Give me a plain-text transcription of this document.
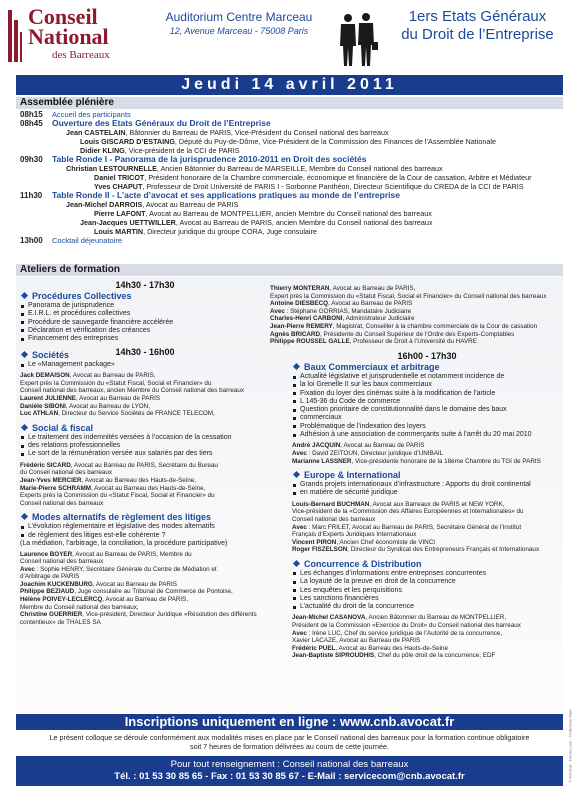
Conseil
National
des Barreaux
Auditorium Centre Marceau
12, Avenue Marceau - 75008 Paris
1ers Etats Généraux
du Droit de l’Entreprise
Jeudi 14 avril 2011
Assemblée plénière
08h15 Accueil des participants
08h45 Ouverture des Etats Généraux du Droit de l’Entreprise
Jean CASTELAIN, Bâtonnier du Barreau de PARIS, Vice-Président du Conseil national des barreaux
Louis GISCARD D’ESTAING, Député du Puy-de-Dôme, Vice-Président de la Commission des Finances de l’Assemblée Nationale
Didier KLING, Vice-président de la CCI de PARIS
09h30 Table Ronde I - Panorama de la jurisprudence 2010-2011 en Droit des sociétés
Christian LESTOURNELLE, Ancien Bâtonnier du Barreau de MARSEILLE, Membre du Conseil national des barreaux
Daniel TRICOT, Président honoraire de la Chambre commerciale, économique et financière de la Cour de cassation, Arbitre et Médiateur
Yves CHAPUT, Professeur de Droit Université de PARIS I - Sorbonne Panthéon, Directeur Scientifique du CREDA de la CCI de PARIS
11h30 Table Ronde II - L’acte d’avocat et ses applications pratiques au monde de l’entreprise
Jean-Michel DARROIS, Avocat au Barreau de PARIS
Pierre LAFONT, Avocat au Barreau de MONTPELLIER, ancien Membre du Conseil national des barreaux
Jean-Jacques UETTWILLER, Avocat au Barreau de PARIS, ancien Membre du Conseil national des barreaux
Louis MARTIN, Directeur juridique du groupe CORA, Juge consulaire
13h00 Cocktail déjeunatoire
Ateliers de formation
14h30 - 17h30
Procédures Collectives
Panorama de jurisprudence
E.I.R.L. et procédures collectives
Procédure de sauvegarde financière accélérée
Déclaration et vérification des créances
Financement des entreprises
14h30 - 16h00
Thierry MONTERAN, Avocat au Barreau de PARIS,
Expert près la Commission du «Statut Fiscal, Social et Financier» du Conseil national des barreaux
Antoine DIESBECQ, Avocat au Barreau de PARIS
Avec : Stéphane GORRIAS, Mandataire Judiciaire
Charles-Henri CARBONI, Administrateur Judiciaire
Jean-Pierre REMERY, Magistrat, Conseiller à la chambre commerciale de la Cour de cassation
Agnès BRICARD, Présidente du Conseil Supérieur de l’Ordre des Experts-Comptables
Philippe ROUSSEL GALLE, Professeur de Droit à l’Université du HAVRE
Sociétés
Le «Management package»
Jack DEMAISON, Avocat au Barreau de PARIS,
Expert près la Commission du «Statut Fiscal, Social et Financier» du
Conseil national des barreaux, ancien Membre du Conseil national des barreaux
Laurent JULIENNE, Avocat au Barreau de PARIS
Danièle SIBONI, Avocat au Barreau de LYON,
Luc ATHLAN, Directeur du Service Sociétés de FRANCE TELECOM,
Social & fiscal
Le traitement des indemnités versées à l’occasion de la cessation
des relations professionnelles
Le sort de la rémunération versée aux salariés par des tiers
Frédéric SICARD, Avocat au Barreau de PARIS, Secrétaire du Bureau
du Conseil national des barreaux
Jean-Yves MERCIER, Avocat au Barreau des Hauts-de-Seine,
Marie-Pierre SCHRAMM, Avocat au Barreau des Hauts-de-Seine,
Experts près la Commission du «Statut Fiscal, Social et Financier» du
Conseil national des barreaux
Modes alternatifs de règlement des litiges
L’évolution réglementaire et législative des modes alternatifs
de règlement des litiges est-elle cohérente ?
(La médiation, l’arbitrage, la conciliation, la procédure participative)
Laurence BOYER, Avocat au Barreau de PARIS, Membre du
Conseil national des barreaux
Avec : Sophie HENRY, Secrétaire Générale du Centre de Médiation et
d’Arbitrage de PARIS
Joachim KUCKENBURG, Avocat au Barreau de PARIS
Philippe BEZIAUD, Juge consulaire au Tribunal de Commerce de Pontoise,
Hélène POIVEY-LECLERCQ, Avocat au Barreau de PARIS,
Membre du Conseil national des barreaux,
Christine GUERRIER, Vice-président, Directeur Juridique «Résolution des différents
contentieux» de THALES SA
16h00 - 17h30
Baux Commerciaux et arbitrage
Actualité législative et jurisprudentielle et notamment incidence de
la loi Grenelle II sur les baux commerciaux
Fixation du loyer des cinémas suite à la modification de l’article
L 145-36 du Code de commerce
Question prioritaire de constitutionnalité dans le domaine des baux
commerciaux
Problématique de l’indexation des loyers
Adhésion à une association de commerçants suite à l’arrêt du 20 mai 2010
André JACQUIN, Avocat au Barreau de PARIS
Avec : David ZEITOUN, Directeur juridique d’UNIBAIL
Marianne LASSNER, Vice-présidente honoraire de la 18ème Chambre du TGI de PARIS
Europe & International
Grands projets internationaux d’infrastructure : Apports du droit continental
en matière de sécurité juridique
Louis-Bernard BUCHMAN, Avocat aux Barreaux de PARIS et NEW YORK,
Vice-président de la «Commission des Affaires Européennes et Internationales» du
Conseil national des barreaux
Avec : Marc FRILET, Avocat au Barreau de PARIS, Secrétaire Général de l’Institut
Français d’Experts Juridiques Internationaux
Vincent PIRON, Ancien Chef économiste de VINCI
Roger FISZELSON, Directeur du Syndicat des Entrepreneurs Français et Internationaux
Concurrence & Distribution
Les échanges d’informations entre entreprises concurrentes
La loyauté de la preuve en droit de la concurrence
Les enquêtes et les perquisitions
Les sanctions financières
L’actualité du droit de la concurrence
Jean-Michel CASANOVA, Ancien Bâtonnier du Barreau de MONTPELLIER,
Président de la Commission «Exercice du Droit» du Conseil national des barreaux
Avec : Irène LUC, Chef du service juridique de l’Autorité de la concurrence,
Xavier LACAZE, Avocat au Barreau de PARIS
Frédéric PUEL, Avocat au Barreau des Hauts-de-Seine
Jean-Baptiste SIPROUDHIS, Chef du pôle droit de la concurrence, EDF
Inscriptions uniquement en ligne : www.cnb.avocat.fr
Le présent colloque se déroule conformément aux modalités mises en place par le Conseil national des barreaux pour la formation continue obligatoire
soit 7 heures de formation délivrées au cours de cette journée.
Pour tout renseignement : Conseil national des barreaux
Tél. : 01 53 30 85 65 - Fax : 01 53 30 85 67 - E-Mail : servicecom@cnb.avocat.fr	© Acrobat - Fotolia.com - CNB/Jean-Marc
